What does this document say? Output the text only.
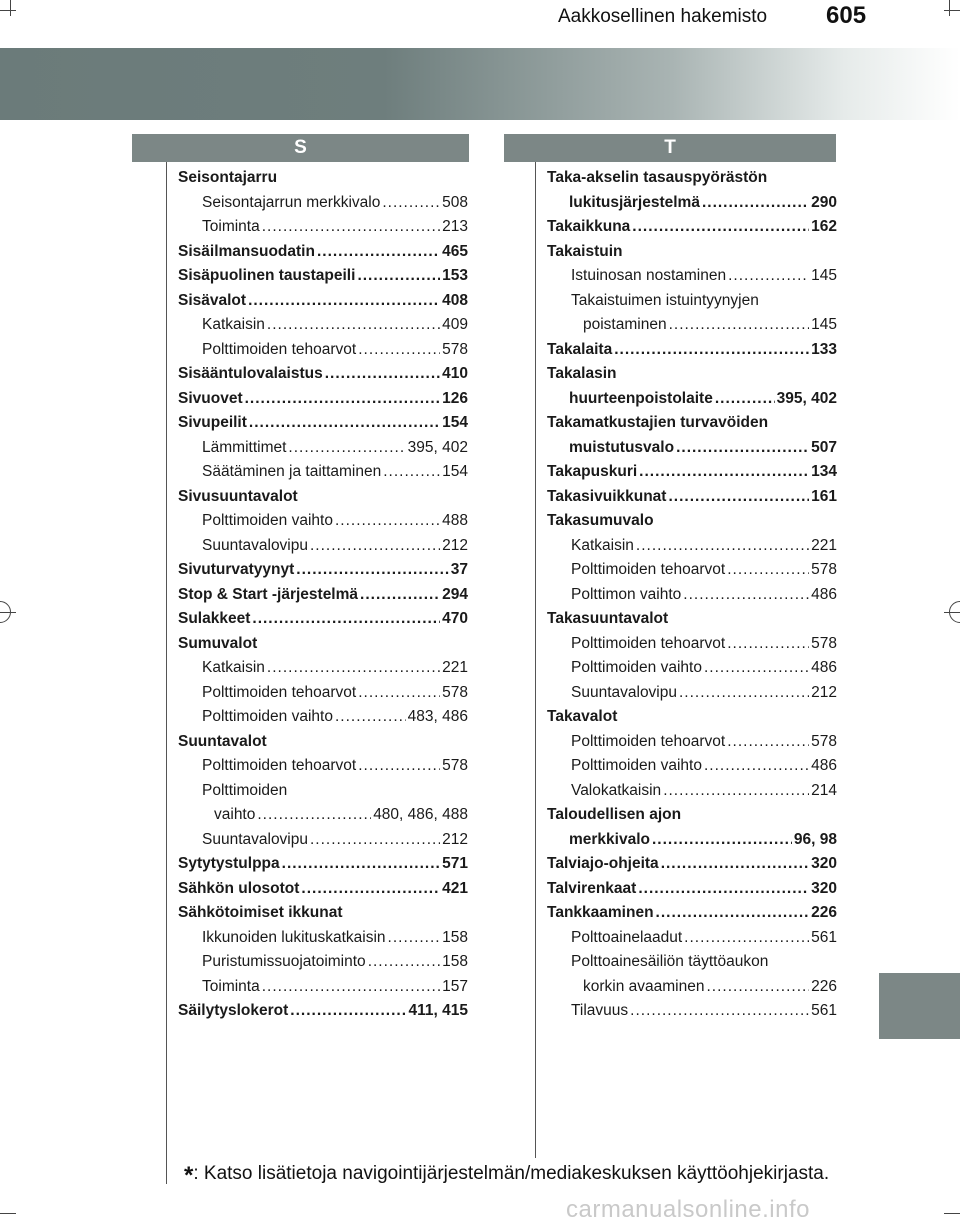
Aakkosellinen hakemisto 605
S	T
Seisontajarru
Seisontajarrun merkkivalo .....	508
Toiminta .....	213
Sisäilmansuodatin .....	465
Sisäpuolinen taustapeili .....	153
Sisävalot .....	408
Katkaisin .....	409
Polttimoiden tehoarvot .....	578
Sisääntulovalaistus .....	410
Sivuovet .....	126
Sivupeilit .....	154
Lämmittimet .....	395, 402
Säätäminen ja taittaminen .....	154
Sivusuuntavalot
Polttimoiden vaihto .....	488
Suuntavalovipu .....	212
Sivuturvatyynyt .....	37
Stop & Start -järjestelmä .....	294
Sulakkeet .....	470
Sumuvalot
Katkaisin .....	221
Polttimoiden tehoarvot .....	578
Polttimoiden vaihto .....	483, 486
Suuntavalot
Polttimoiden tehoarvot .....	578
Polttimoiden
vaihto .....	480, 486, 488
Suuntavalovipu .....	212
Sytytystulppa .....	571
Sähkön ulosotot .....	421
Sähkötoimiset ikkunat
Ikkunoiden lukituskatkaisin .....	158
Puristumissuojatoiminto .....	158
Toiminta .....	157
Säilytyslokerot .....	411, 415
Taka-akselin tasauspyörästön
lukitusjärjestelmä .....	290
Takaikkuna .....	162
Takaistuin
Istuinosan nostaminen .....	145
Takaistuimen istuintyynyjen
poistaminen .....	145
Takalaita .....	133
Takalasin
huurteenpoistolaite .....	395, 402
Takamatkustajien turvavöiden
muistutusvalo .....	507
Takapuskuri .....	134
Takasivuikkunat .....	161
Takasumuvalo
Katkaisin .....	221
Polttimoiden tehoarvot .....	578
Polttimon vaihto .....	486
Takasuuntavalot
Polttimoiden tehoarvot .....	578
Polttimoiden vaihto .....	486
Suuntavalovipu .....	212
Takavalot
Polttimoiden tehoarvot .....	578
Polttimoiden vaihto .....	486
Valokatkaisin .....	214
Taloudellisen ajon
merkkivalo .....	96, 98
Talviajo-ohjeita .....	320
Talvirenkaat .....	320
Tankkaaminen .....	226
Polttoainelaadut .....	561
Polttoainesäiliön täyttöaukon
korkin avaaminen .....	226
Tilavuus .....	561
*: Katso lisätietoja navigointijärjestelmän/mediakeskuksen käyttöohjekirjasta.
carmanualsonline.info
